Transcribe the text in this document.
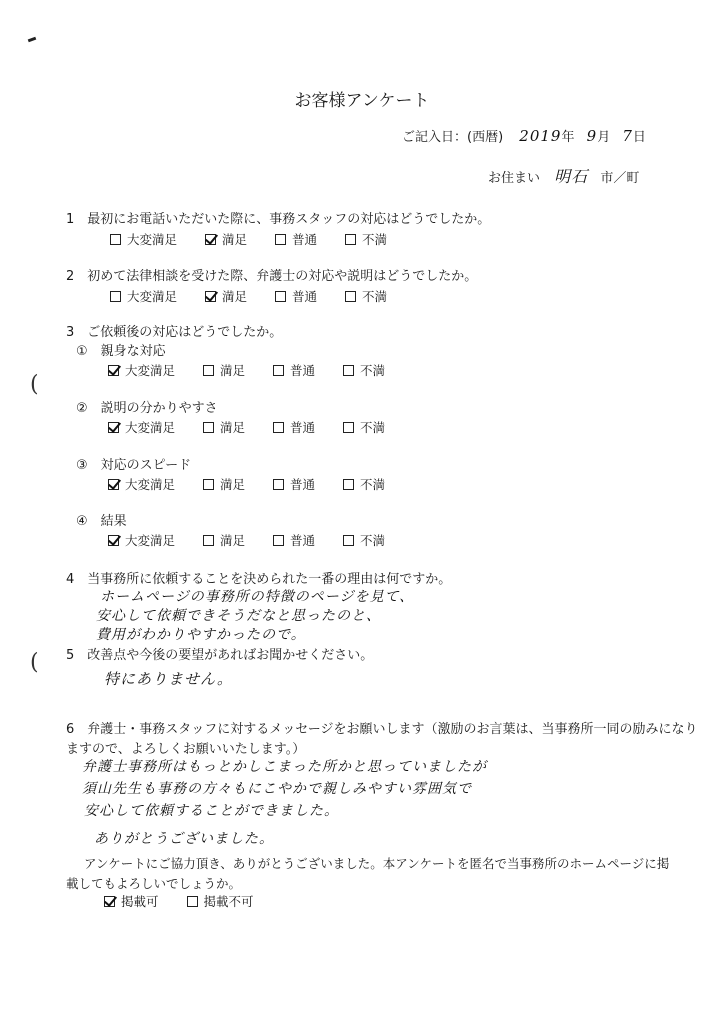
お客様アンケート
ご記入日：(西暦) 2019年 9月 7日
お住まい 明石 市／町
1　最初にお電話いただいた際に、事務スタッフの対応はどうでしたか。
大変満足	満足	普通	不満
2　初めて法律相談を受けた際、弁護士の対応や説明はどうでしたか。
大変満足	満足	普通	不満
3　ご依頼後の対応はどうでしたか。
①　親身な対応
大変満足	満足	普通	不満
②　説明の分かりやすさ
大変満足	満足	普通	不満
③　対応のスピード
大変満足	満足	普通	不満
④　結果
大変満足	満足	普通	不満
4　当事務所に依頼することを決められた一番の理由は何ですか。
ホームページの事務所の特徴のページを見て、
安心して依頼できそうだなと思ったのと、
費用がわかりやすかったので。
5　改善点や今後の要望があればお聞かせください。
特にありません。
6　弁護士・事務スタッフに対するメッセージをお願いします（激励のお言葉は、当事務所一同の励みになり
ますので、よろしくお願いいたします。）
弁護士事務所はもっとかしこまった所かと思っていましたが
須山先生も事務の方々もにこやかで親しみやすい雰囲気で
安心して依頼することができました。
ありがとうございました。
アンケートにご協力頂き、ありがとうございました。本アンケートを匿名で当事務所のホームページに掲
載してもよろしいでしょうか。
掲載可	掲載不可
(
(
